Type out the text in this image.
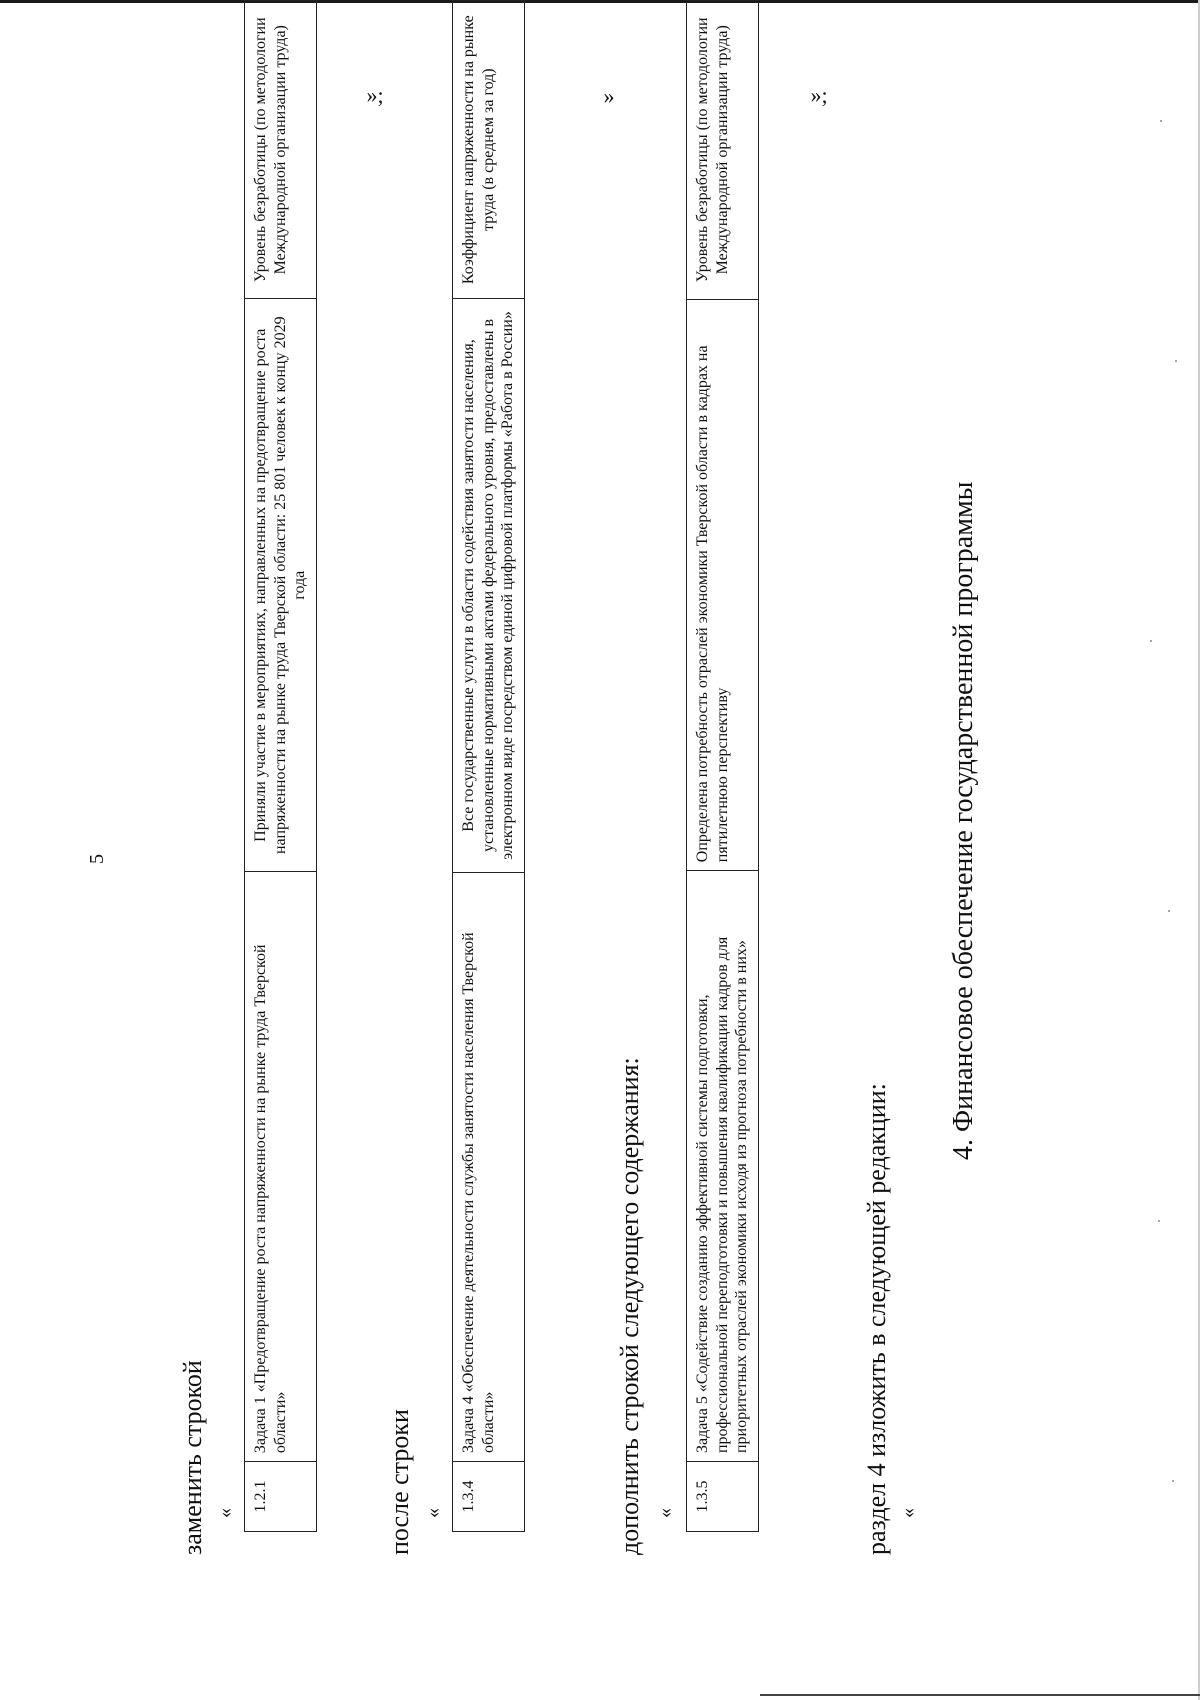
5
заменить строкой «
1.2.1	Задача 1 «Предотвращение роста напряженности на рынке труда Тверской области»	Приняли участие в мероприятиях, направленных на предотвращение роста напряженности на рынке труда Тверской области: 25 801 человек к концу 2029 года	Уровень безработицы (по методологии Международной организации труда)	»;
после строки «
1.3.4	Задача 4 «Обеспечение деятельности службы занятости населения Тверской области»	Все государственные услуги в области содействия занятости населения, установленные нормативными актами федерального уровня, предоставлены в электронном виде посредством единой цифровой платформы «Работа в России»	Коэффициент напряженности на рынке труда (в среднем за год)	»
дополнить строкой следующего содержания: «
1.3.5	Задача 5 «Содействие созданию эффективной системы подготовки, профессиональной переподготовки и повышения квалификации кадров для приоритетных отраслей экономики исходя из прогноза потребности в них»	Определена потребность отраслей экономики Тверской области в кадрах на пятилетнюю перспективу	Уровень безработицы (по методологии Международной организации труда)	»;
раздел 4 изложить в следующей редакции: «
4. Финансовое обеспечение государственной программы
